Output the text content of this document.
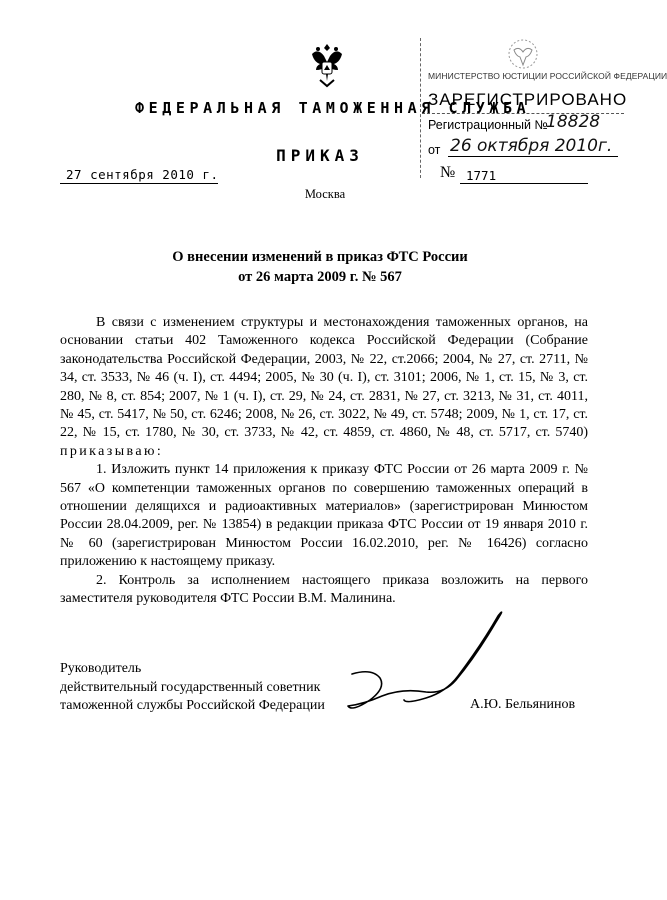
ФЕДЕРАЛЬНАЯ ТАМОЖЕННАЯ СЛУЖБА
МИНИСТЕРСТВО ЮСТИЦИИ РОССИЙСКОЙ ФЕДЕРАЦИИ
ЗАРЕГИСТРИРОВАНО
Регистрационный №
18828
от 26 октября 2010г.
ПРИКАЗ
27 сентября 2010 г.	№ 1771
Москва
О внесении изменений в приказ ФТС России
от 26 марта 2009 г. № 567

В связи с изменением структуры и местонахождения таможенных органов, на основании статьи 402 Таможенного кодекса Российской Федерации (Собрание законодательства Российской Федерации, 2003, № 22, ст.2066; 2004, № 27, ст. 2711, № 34, ст. 3533, № 46 (ч. I), ст. 4494; 2005, № 30 (ч. I), ст. 3101; 2006, № 1, ст. 15, № 3, ст. 280, № 8, ст. 854; 2007, № 1 (ч. I), ст. 29, № 24, ст. 2831, № 27, ст. 3213, № 31, ст. 4011, № 45, ст. 5417, № 50, ст. 6246; 2008, № 26, ст. 3022, № 49, ст. 5748; 2009, № 1, ст. 17, ст. 22, № 15, ст. 1780, № 30, ст. 3733, № 42, ст. 4859, ст. 4860, № 48, ст. 5717, ст. 5740) приказываю:

1. Изложить пункт 14 приложения к приказу ФТС России от 26 марта 2009 г. № 567 «О компетенции таможенных органов по совершению таможенных операций в отношении делящихся и радиоактивных материалов» (зарегистрирован Минюстом России 28.04.2009, рег. № 13854) в редакции приказа ФТС России от 19 января 2010 г. № 60 (зарегистрирован Минюстом России 16.02.2010, рег. № 16426) согласно приложению к настоящему приказу.

2. Контроль за исполнением настоящего приказа возложить на первого заместителя руководителя ФТС России В.М. Малинина.

Руководитель
действительный государственный советник
таможенной службы Российской Федерации	А.Ю. Бельянинов
